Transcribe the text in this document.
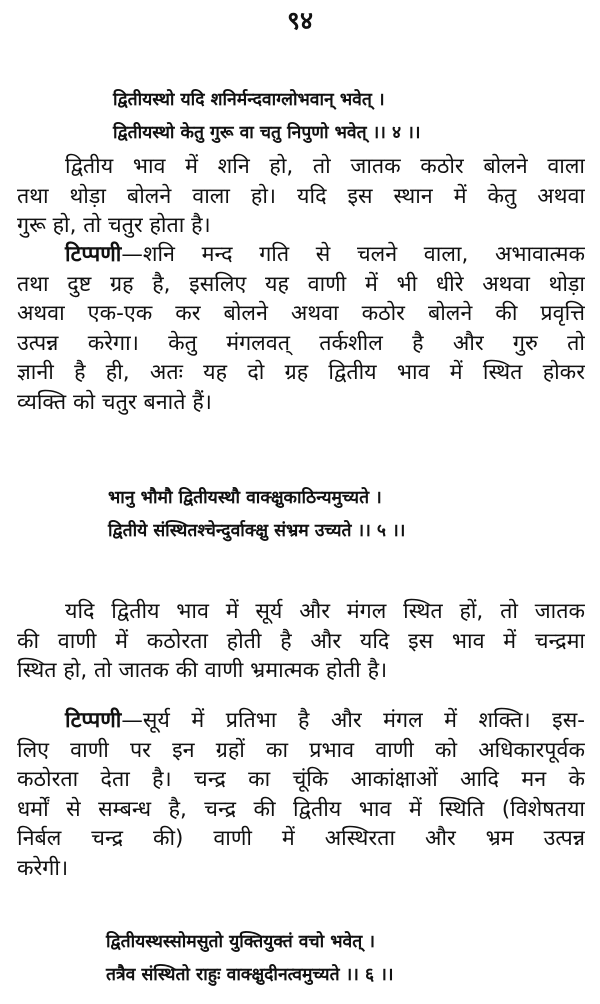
९४
द्वितीयस्थो यदि शनिर्मन्दवाग्लोभवान् भवेत् ।
द्वितीयस्थो केतु गुरू वा चतु निपुणो भवेत् ।। ४ ।।
द्वितीय भाव में शनि हो, तो जातक कठोर बोलने वाला
तथा थोड़ा बोलने वाला हो। यदि इस स्थान में केतु अथवा
गुरू हो, तो चतुर होता है।
टिप्पणी—शनि मन्द गति से चलने वाला, अभावात्मक
तथा दुष्ट ग्रह है, इसलिए यह वाणी में भी धीरे अथवा थोड़ा
अथवा एक-एक कर बोलने अथवा कठोर बोलने की प्रवृत्ति
उत्पन्न करेगा। केतु मंगलवत् तर्कशील है और गुरु तो
ज्ञानी है ही, अतः यह दो ग्रह द्वितीय भाव में स्थित होकर
व्यक्ति को चतुर बनाते हैं।
भानु भौमौ द्वितीयस्थौ वाक्क्षुकाठिन्यमुच्यते ।
द्वितीये संस्थितश्चेन्दुर्वाक्क्षु संभ्रम उच्यते ।। ५ ।।
यदि द्वितीय भाव में सूर्य और मंगल स्थित हों, तो जातक
की वाणी में कठोरता होती है और यदि इस भाव में चन्द्रमा
स्थित हो, तो जातक की वाणी भ्रमात्मक होती है।
टिप्पणी—सूर्य में प्रतिभा है और मंगल में शक्ति। इस-
लिए वाणी पर इन ग्रहों का प्रभाव वाणी को अधिकारपूर्वक
कठोरता देता है। चन्द्र का चूंकि आकांक्षाओं आदि मन के
धर्मों से सम्बन्ध है, चन्द्र की द्वितीय भाव में स्थिति (विशेषतया
निर्बल चन्द्र की) वाणी में अस्थिरता और भ्रम उत्पन्न
करेगी।
द्वितीयस्थस्सोमसुतो युक्तियुक्तं वचो भवेत् ।
तत्रैव संस्थितो राहुः वाक्क्षुदीनत्वमुच्यते ।। ६ ।।
